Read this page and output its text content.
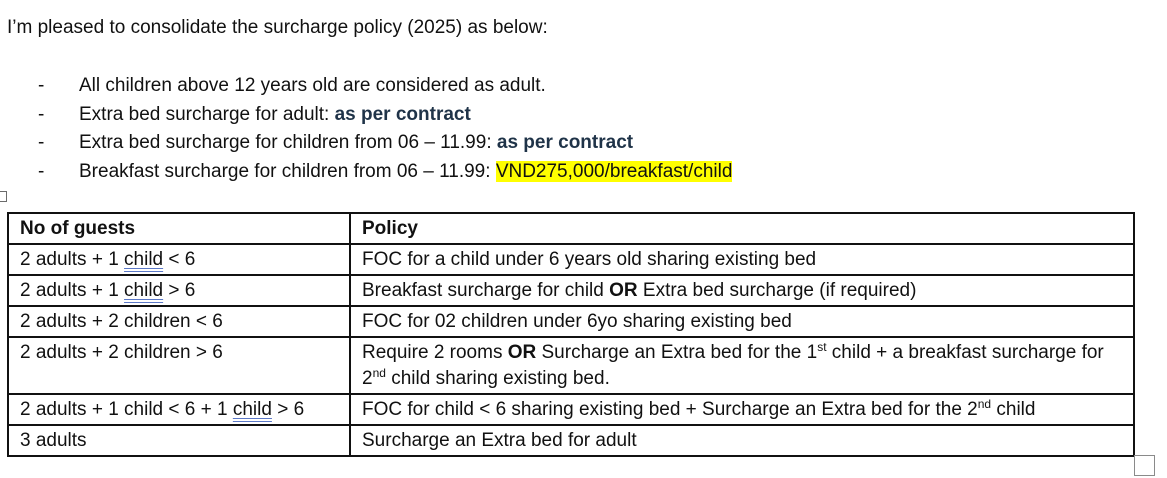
I’m pleased to consolidate the surcharge policy (2025) as below:

- All children above 12 years old are considered as adult.
- Extra bed surcharge for adult: as per contract
- Extra bed surcharge for children from 06 – 11.99: as per contract
- Breakfast surcharge for children from 06 – 11.99: VND275,000/breakfast/child
No of guests	Policy
2 adults + 1 child < 6	FOC for a child under 6 years old sharing existing bed
2 adults + 1 child > 6	Breakfast surcharge for child OR Extra bed surcharge (if required)
2 adults + 2 children < 6	FOC for 02 children under 6yo sharing existing bed
2 adults + 2 children > 6	Require 2 rooms OR Surcharge an Extra bed for the 1st child + a breakfast surcharge for 2nd child sharing existing bed.
2 adults + 1 child < 6 + 1 child > 6	FOC for child < 6 sharing existing bed + Surcharge an Extra bed for the 2nd child
3 adults	Surcharge an Extra bed for adult
